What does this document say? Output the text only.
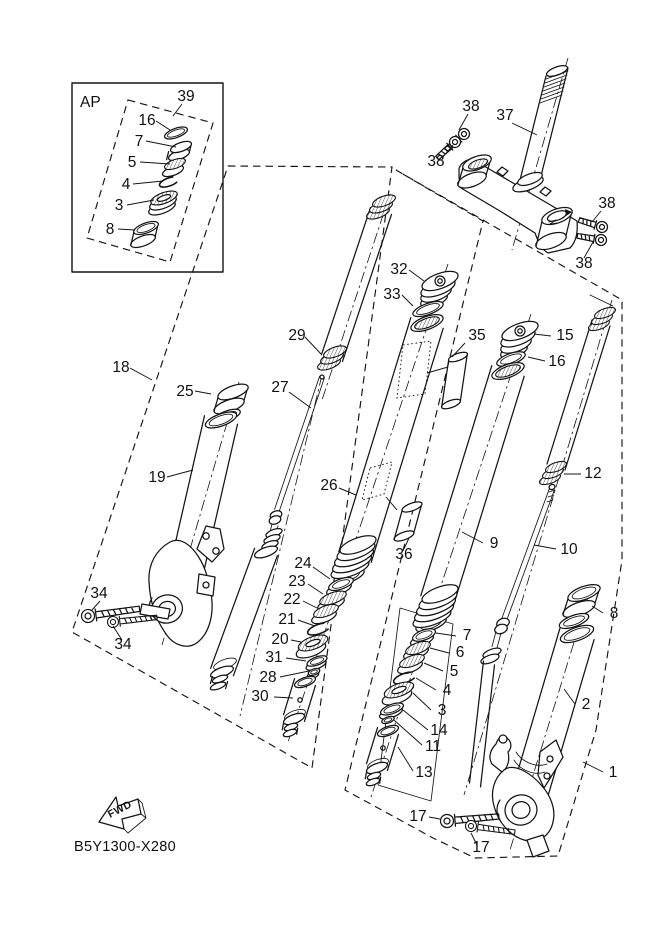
FWD
AP	39
16
7
5
4
3
8
38
37
38
38
38
18
25	27
29
19
32
33
35	15
16
26
36
12
9	10
8
2
24
23
22
21
20
31
28
30
34
34
7
6
5
4
3
14
11
13
17
17
1
B5Y1300-X280
